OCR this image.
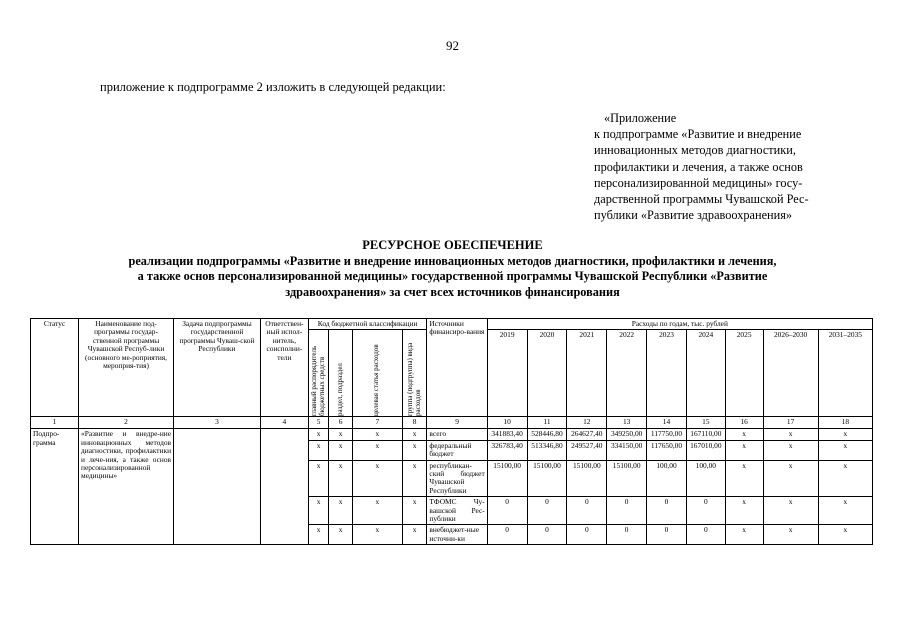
92
приложение к подпрограмме 2 изложить в следующей редакции:
«Приложение
к подпрограмме «Развитие и внедрение
инновационных методов диагностики,
профилактики и лечения, а также основ
персонализированной медицины» госу-
дарственной программы Чувашской Рес-
публики «Развитие здравоохранения»
РЕСУРСНОЕ ОБЕСПЕЧЕНИЕ
реализации подпрограммы «Развитие и внедрение инновационных методов диагностики, профилактики и лечения,
а также основ персонализированной медицины» государственной программы Чувашской Республики «Развитие
здравоохранения» за счет всех источников финансирования
Статус	Наименование под-программы государ-ственной программы Чувашской Респуб-лики (основного ме-роприятия, мероприя-тия)	Задача подпрограммы государственной программы Чуваш-ской Республики	Ответствен-ный испол-нитель, соисполни-тели	Код бюджетной классификации				Источники финансиро-вания	Расходы по годам, тыс. рублей								

				главный распорядитель бюджетных средств	раздел, подраздел	целевая статья расходов	группа (подгруппа) вида расходов		2019	2020	2021	2022	2023	2024	2025	2026–2030	2031–2035

1	2	3	4	5	6	7	8	9	10	11	12	13	14	15	16	17	18
Подпро-грамма	«Развитие и внедре-ние инновационных методов диагностики, профилактики и лече-ния, а также основ персонализированной медицины»			x	x	x	x	всего	341883,40	528446,80	264627,40	349250,00	117750,00	167110,00	x	x	x
				x	x	x	x	федеральный бюджет	326783,40	513346,80	249527,40	334150,00	117650,00	167010,00	x	x	x
				x	x	x	x	республикан-ский бюджет Чувашской Республики	15100,00	15100,00	15100,00	15100,00	100,00	100,00	x	x	x
				x	x	x	x	ТФОМС Чу-вашской Рес-публики	0	0	0	0	0	0	x	x	x
				x	x	x	x	внебюджет-ные источни-ки	0	0	0	0	0	0	x	x	x
